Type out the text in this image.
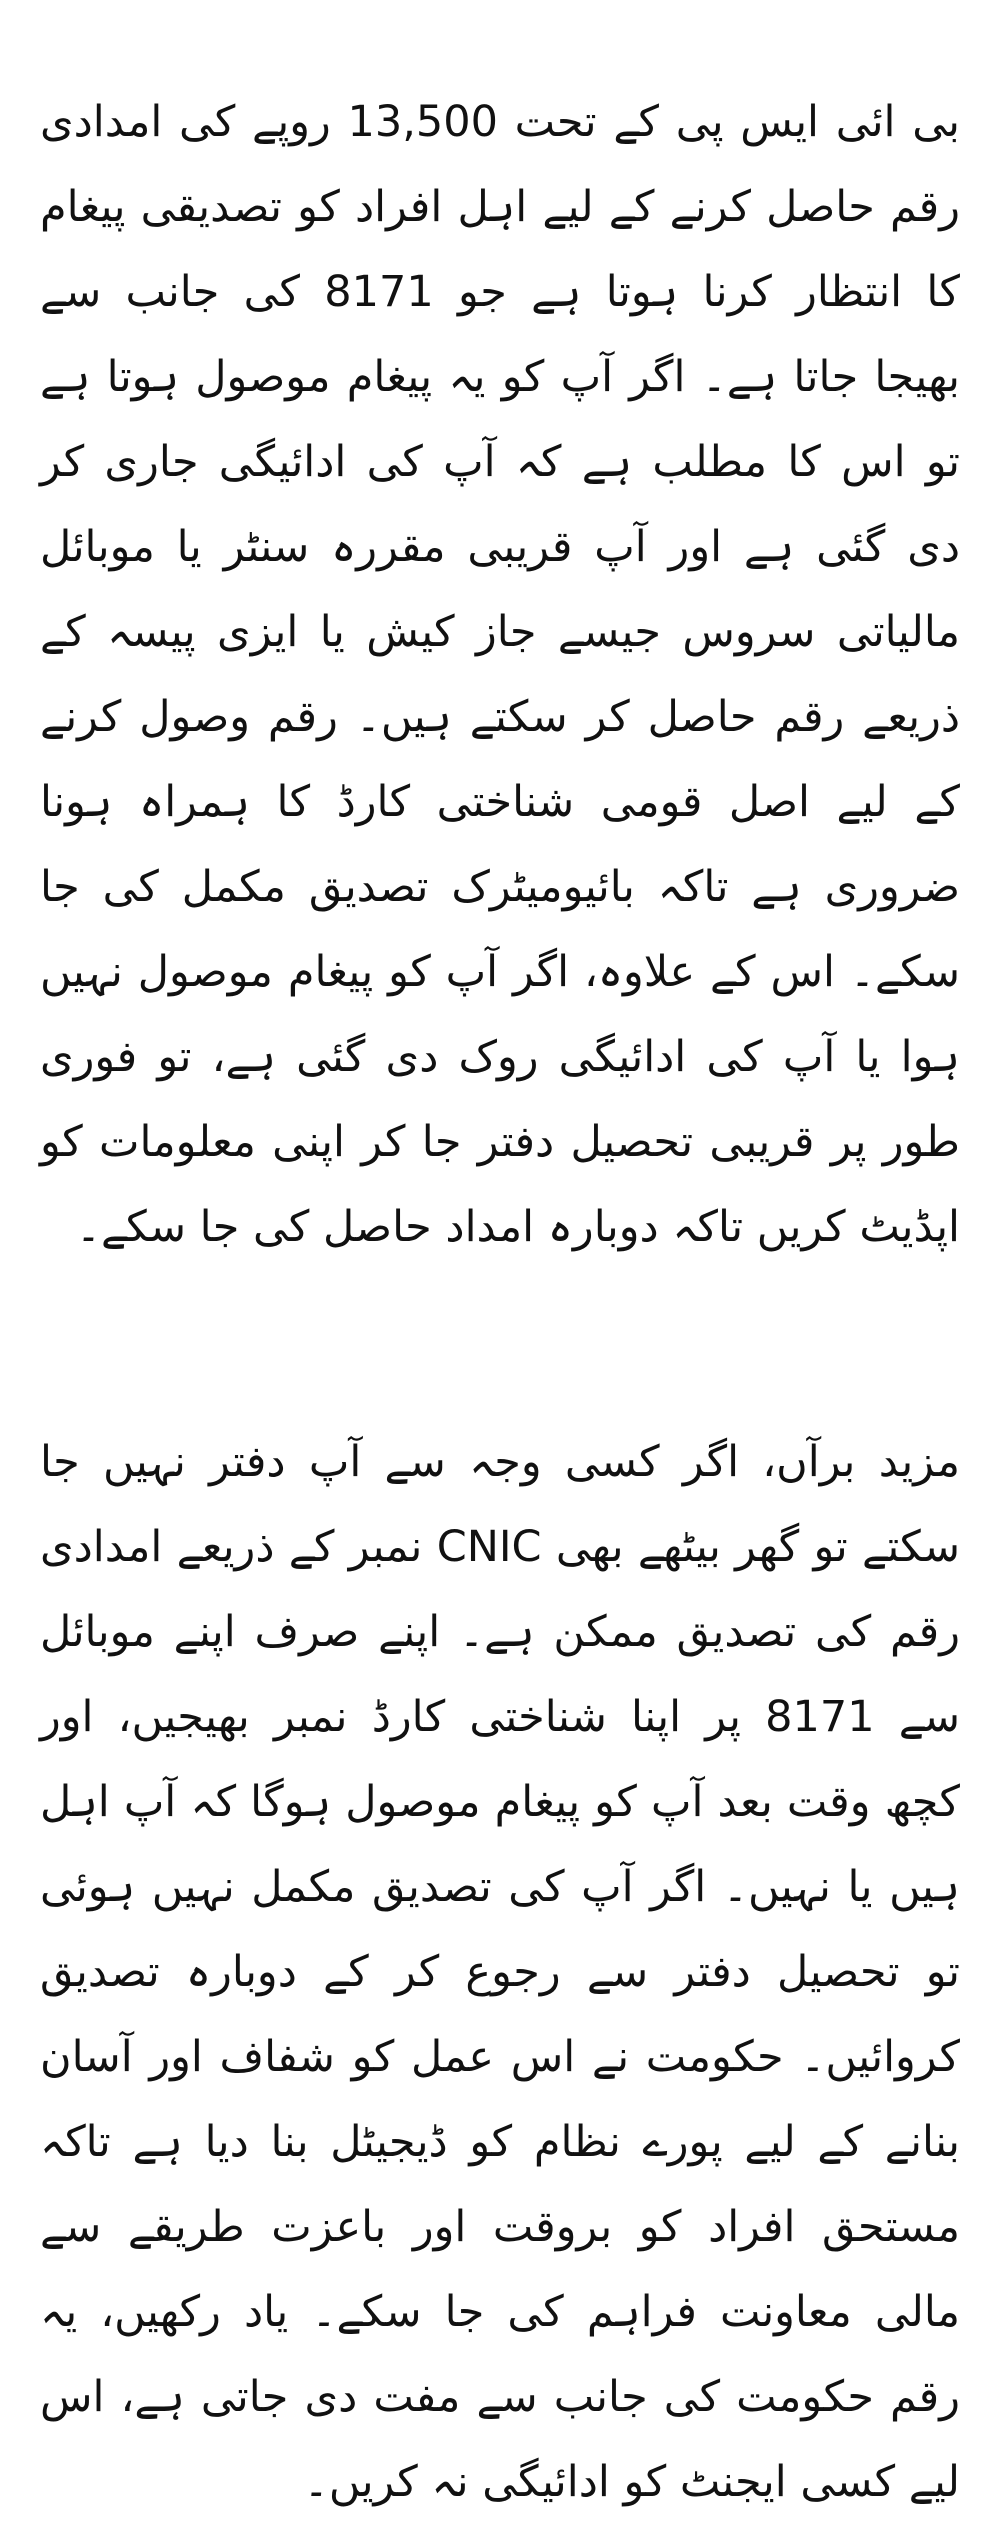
بی ائی ایس پی کے تحت 13,500 روپے کی امدادی رقم حاصل کرنے کے لیے اہل افراد کو تصدیقی پیغام کا انتظار کرنا ہوتا ہے جو 8171 کی جانب سے بھیجا جاتا ہے۔ اگر آپ کو یہ پیغام موصول ہوتا ہے تو اس کا مطلب ہے کہ آپ کی ادائیگی جاری کر دی گئی ہے اور آپ قریبی مقررہ سنٹر یا موبائل مالیاتی سروس جیسے جاز کیش یا ایزی پیسہ کے ذریعے رقم حاصل کر سکتے ہیں۔ رقم وصول کرنے کے لیے اصل قومی شناختی کارڈ کا ہمراہ ہونا ضروری ہے تاکہ بائیومیٹرک تصدیق مکمل کی جا سکے۔ اس کے علاوہ، اگر آپ کو پیغام موصول نہیں ہوا یا آپ کی ادائیگی روک دی گئی ہے، تو فوری طور پر قریبی تحصیل دفتر جا کر اپنی معلومات کو اپڈیٹ کریں تاکہ دوبارہ امداد حاصل کی جا سکے۔

مزید برآں، اگر کسی وجہ سے آپ دفتر نہیں جا سکتے تو گھر بیٹھے بھی CNIC نمبر کے ذریعے امدادی رقم کی تصدیق ممکن ہے۔ اپنے صرف اپنے موبائل سے 8171 پر اپنا شناختی کارڈ نمبر بھیجیں، اور کچھ وقت بعد آپ کو پیغام موصول ہوگا کہ آپ اہل ہیں یا نہیں۔ اگر آپ کی تصدیق مکمل نہیں ہوئی تو تحصیل دفتر سے رجوع کر کے دوبارہ تصدیق کروائیں۔ حکومت نے اس عمل کو شفاف اور آسان بنانے کے لیے پورے نظام کو ڈیجیٹل بنا دیا ہے تاکہ مستحق افراد کو بروقت اور باعزت طریقے سے مالی معاونت فراہم کی جا سکے۔ یاد رکھیں، یہ رقم حکومت کی جانب سے مفت دی جاتی ہے، اس لیے کسی ایجنٹ کو ادائیگی نہ کریں۔
